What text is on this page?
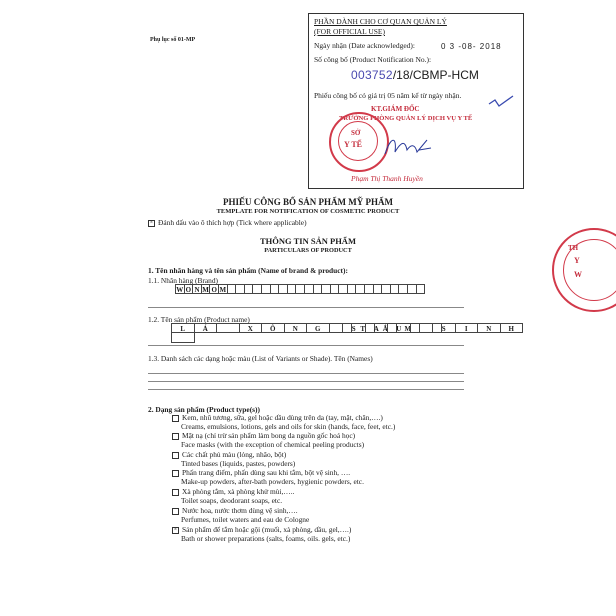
Phụ lục số 01-MP
PHẦN DÀNH CHO CƠ QUAN QUẢN LÝ
(FOR OFFICIAL USE)
Ngày nhận (Date acknowledged):	0 3 -08- 2018
Số công bố (Product Notification No.):
003752/18/CBMP-HCM
Phiếu công bố có giá trị 05 năm kể từ ngày nhận.
KT.GIÁM ĐỐC
TRƯỞNG PHÒNG QUẢN LÝ DỊCH VỤ Y TẾ
SỞ
Y TẾ
Phạm Thị Thanh Huyền
TH
Y
W
PHIẾU CÔNG BỐ SẢN PHẨM MỸ PHẨM
TEMPLATE FOR NOTIFICATION OF COSMETIC PRODUCT
× Đánh dấu vào ô thích hợp (Tick where applicable)
THÔNG TIN SẢN PHẨM
PARTICULARS OF PRODUCT
1. Tên nhãn hàng và tên sản phẩm (Name of brand & product):
1.1. Nhãn hàng (Brand)
W O N M O M
1.2. Tên sản phẩm (Product name)
L	Á	X	Ô	N	G	T	Ắ	M
S	A	U	S	I	N	H
1.3. Danh sách các dạng hoặc màu (List of Variants or Shade). Tên (Names)
2. Dạng sản phẩm (Product type(s))
Kem, nhũ tương, sữa, gel hoặc dầu dùng trên da (tay, mặt, chân,….)
Creams, emulsions, lotions, gels and oils for skin (hands, face, feet, etc.)
Mặt nạ (chỉ trừ sản phẩm làm bong da nguồn gốc hoá học)
Face masks (with the exception of chemical peeling products)
Các chất phủ màu (lỏng, nhão, bột)
Tinted bases (liquids, pastes, powders)
Phấn trang điểm, phấn dùng sau khi tắm, bột vệ sinh, ….
Make-up powders, after-bath powders, hygienic powders, etc.
Xà phòng tắm, xà phòng khử mùi,…..
Toilet soaps, deodorant soaps, etc.
Nước hoa, nước thơm dùng vệ sinh,….
Perfumes, toilet waters and eau de Cologne
× Sản phẩm để tắm hoặc gội (muối, xà phòng, dầu, gel,….)
Bath or shower preparations (salts, foams, oils. gels, etc.)
